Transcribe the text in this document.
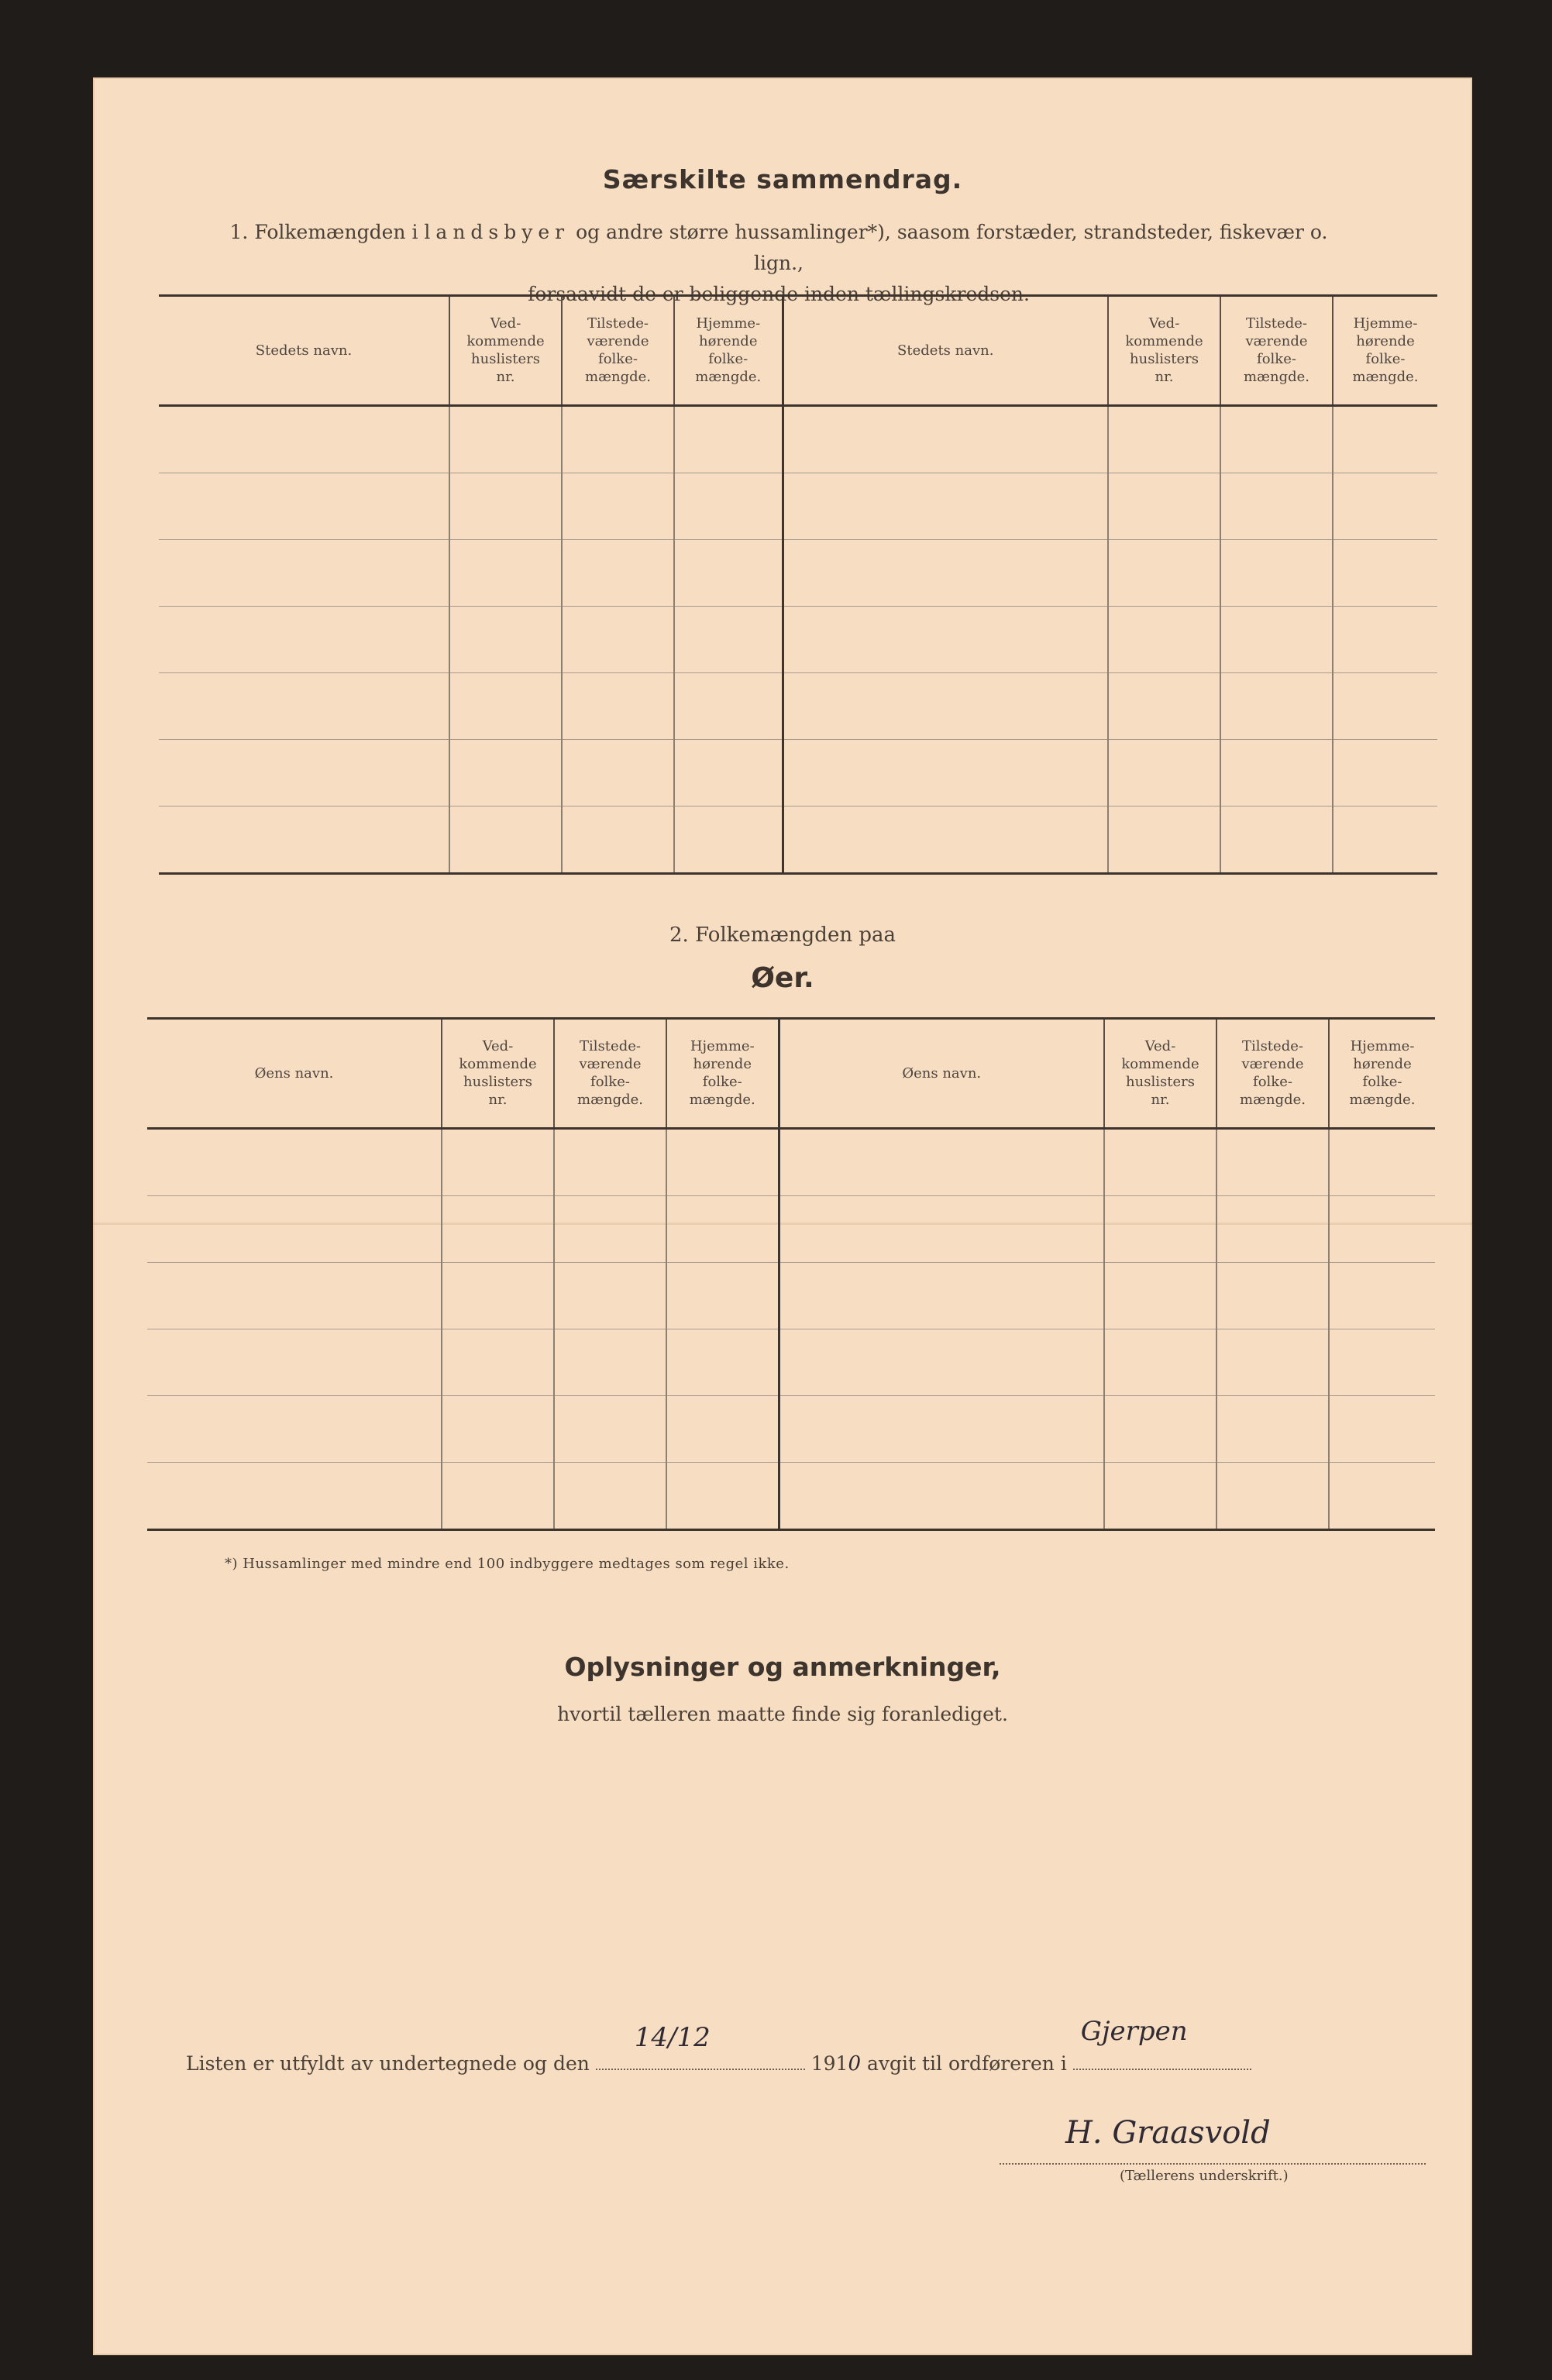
Særskilte sammendrag.
1. Folkemængden i landsbyer og andre større hussamlinger*), saasom forstæder, strandsteder, fiskevær o. lign.,
forsaavidt de er beliggende inden tællingskredsen.
Stedets navn.	Ved-
kommende
huslisters
nr.	Tilstede-
værende
folke-
mængde.	Hjemme-
hørende
folke-
mængde.	Stedets navn.	Ved-
kommende
huslisters
nr.	Tilstede-
værende
folke-
mængde.	Hjemme-
hørende
folke-
mængde.

2. Folkemængden paa
Øer.
Øens navn.	Ved-
kommende
huslisters
nr.	Tilstede-
værende
folke-
mængde.	Hjemme-
hørende
folke-
mængde.	Øens navn.	Ved-
kommende
huslisters
nr.	Tilstede-
værende
folke-
mængde.	Hjemme-
hørende
folke-
mængde.

*) Hussamlinger med mindre end 100 indbyggere medtages som regel ikke.
Oplysninger og anmerkninger,
hvortil tælleren maatte finde sig foranlediget.
Listen er utfyldt av undertegnede og den
14/12
1910 avgit til ordføreren i
Gjerpen
H. Graasvold
(Tællerens underskrift.)
